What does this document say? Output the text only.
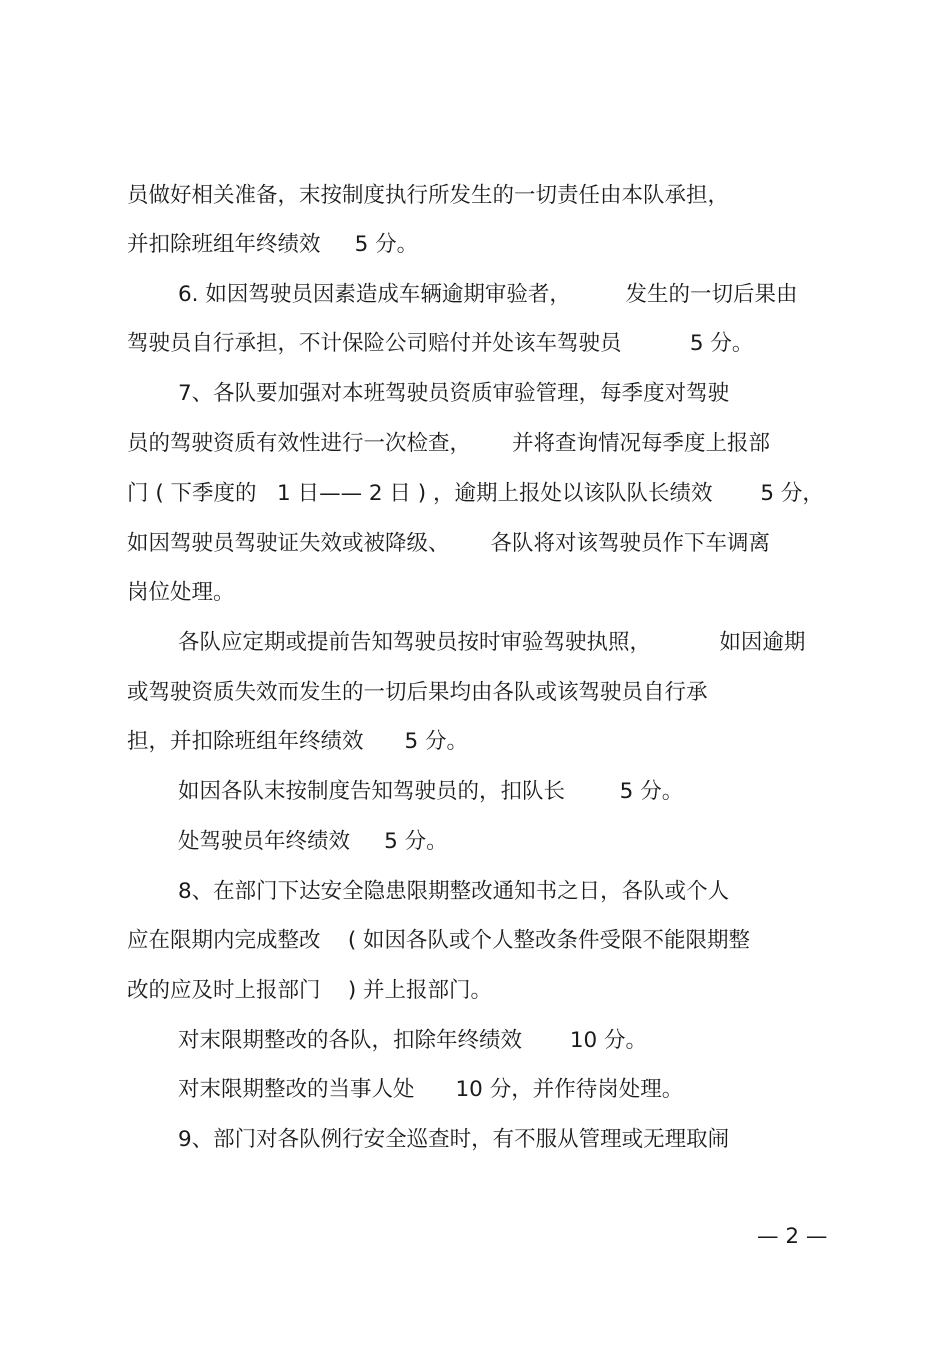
员做好相关准备，末按制度执行所发生的一切责任由本队承担，
并扣除班组年终绩效     5 分。
6. 如因驾驶员因素造成车辆逾期审验者，        发生的一切后果由
驾驶员自行承担，不计保险公司赔付并处该车驾驶员          5 分。
7、各队要加强对本班驾驶员资质审验管理，每季度对驾驶
员的驾驶资质有效性进行一次检查，      并将查询情况每季度上报部
门 ( 下季度的   1 日—— 2 日 ) ，逾期上报处以该队队长绩效       5 分，
如因驾驶员驾驶证失效或被降级、      各队将对该驾驶员作下车调离
岗位处理。
各队应定期或提前告知驾驶员按时审验驾驶执照，          如因逾期
或驾驶资质失效而发生的一切后果均由各队或该驾驶员自行承
担，并扣除班组年终绩效      5 分。
如因各队末按制度告知驾驶员的，扣队长        5 分。
处驾驶员年终绩效     5 分。
8、在部门下达安全隐患限期整改通知书之日，各队或个人
应在限期内完成整改    ( 如因各队或个人整改条件受限不能限期整
改的应及时上报部门    ) 并上报部门。
对末限期整改的各队，扣除年终绩效       10 分。
对末限期整改的当事人处      10 分，并作待岗处理。
9、部门对各队例行安全巡查时，有不服从管理或无理取闹
— 2 —
